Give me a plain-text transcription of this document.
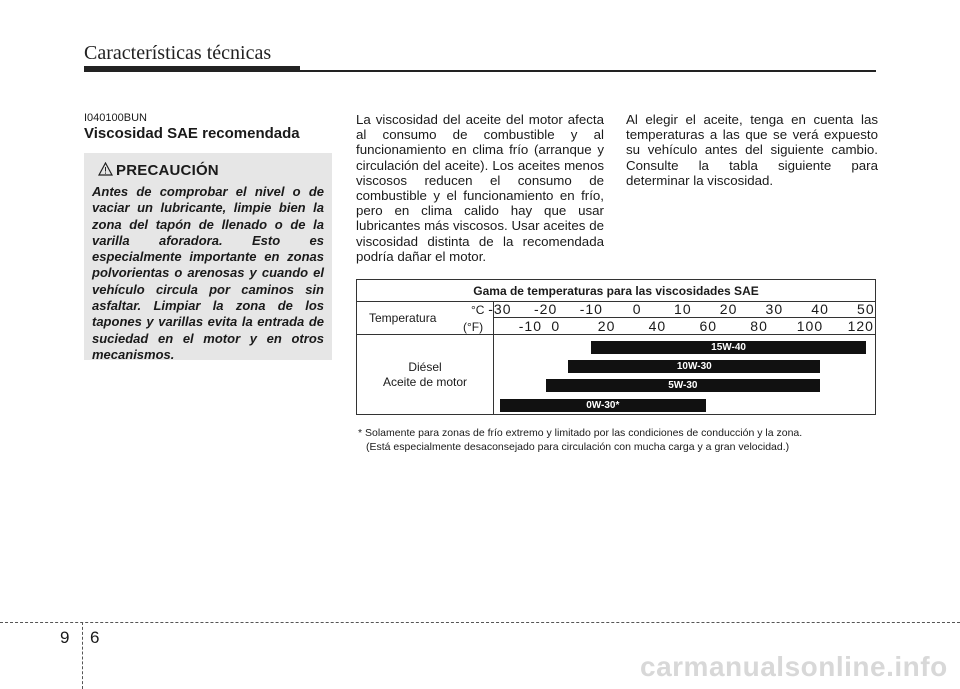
Características técnicas
I040100BUN
Viscosidad SAE recomendada
PRECAUCIÓN
Antes de comprobar el nivel o de vaciar un lubricante, limpie bien la zona del tapón de llenado o de la varilla aforadora. Esto es especialmente importante en zonas polvorientas o arenosas y cuando el vehículo circula por caminos sin asfaltar. Limpiar la zona de los tapones y varillas evita la entrada de suciedad en el motor y en otros mecanismos.
La viscosidad del aceite del motor afecta al consumo de combustible y al funcionamiento en clima frío (arranque y circulación del aceite). Los aceites menos viscosos reducen el consumo de combustible y el funcionamiento en frío, pero en clima calido hay que usar lubricantes más viscosos. Usar aceites de viscosidad distinta de la recomendada podría dañar el motor.
Al elegir el aceite, tenga en cuenta las temperaturas a las que se verá expuesto su vehículo antes del siguiente cambio. Consulte la tabla siguiente para determinar la viscosidad.
Gama de temperaturas para las viscosidades SAE
Temperatura
°C
(°F)
-30 -20 -10 0 10 20 30 40 50
-10 0	20 40 60 80 100 120
Diésel
Aceite de motor
15W-40
10W-30
5W-30
0W-30*
* Solamente para zonas de frío extremo y limitado por las condiciones de conducción y la zona.
(Está especialmente desaconsejado para circulación con mucha carga y a gran velocidad.)
9 6
carmanualsonline.info
